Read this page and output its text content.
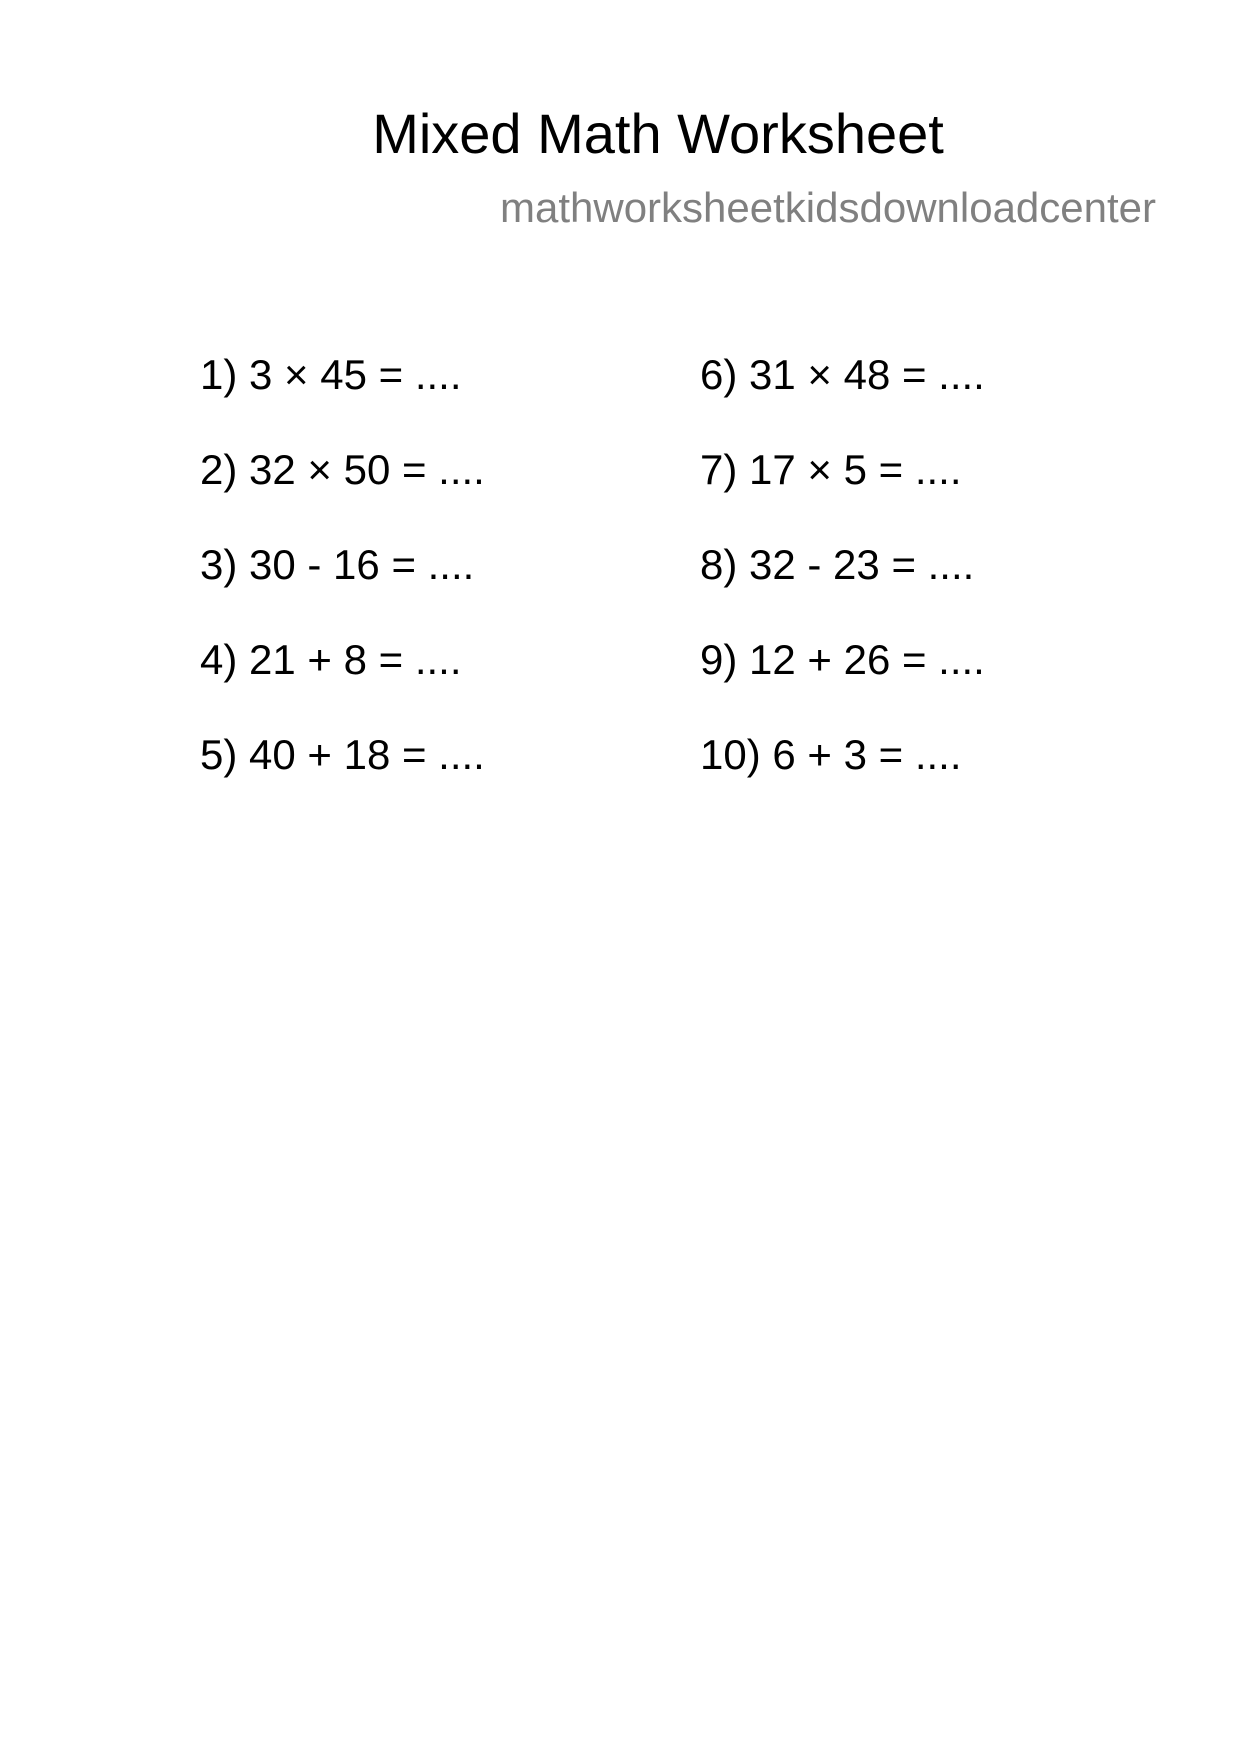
Mixed Math Worksheet
mathworksheetkidsdownloadcenter
1) 3 × 45 = ....
2) 32 × 50 = ....
3) 30 - 16 = ....
4) 21 + 8 = ....
5) 40 + 18 = ....
6) 31 × 48 = ....
7) 17 × 5 = ....
8) 32 - 23 = ....
9) 12 + 26 = ....
10) 6 + 3 = ....
